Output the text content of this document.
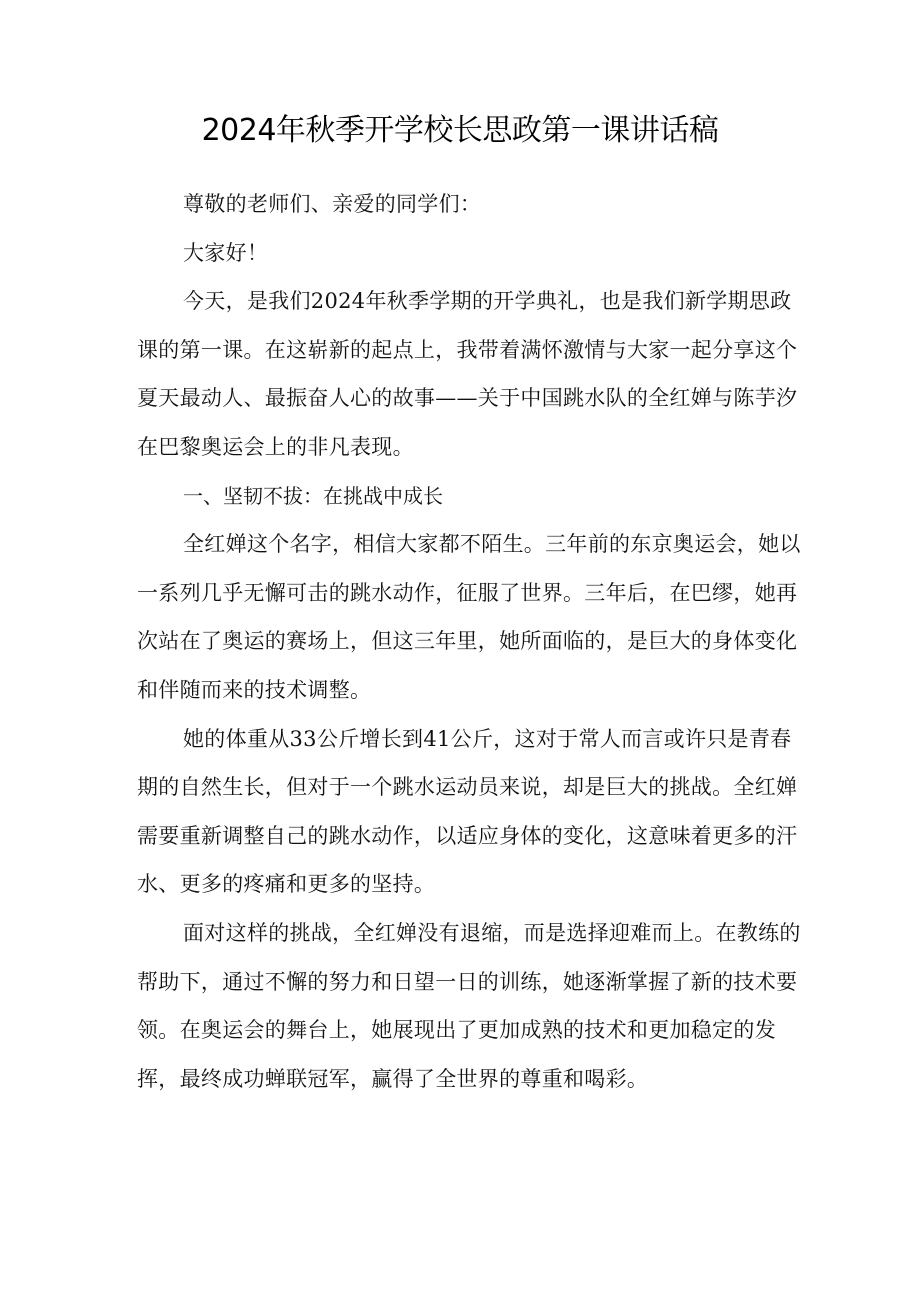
2024年秋季开学校长思政第一课讲话稿

尊敬的老师们、亲爱的同学们：

大家好！

今天，是我们2024年秋季学期的开学典礼，也是我们新学期思政课的第一课。在这崭新的起点上，我带着满怀激情与大家一起分享这个夏天最动人、最振奋人心的故事——关于中国跳水队的全红婵与陈芋汐在巴黎奥运会上的非凡表现。

一、坚韧不拔：在挑战中成长

全红婵这个名字，相信大家都不陌生。三年前的东京奥运会，她以一系列几乎无懈可击的跳水动作，征服了世界。三年后，在巴缪，她再次站在了奥运的赛场上，但这三年里，她所面临的，是巨大的身体变化和伴随而来的技术调整。

她的体重从33公斤增长到41公斤，这对于常人而言或许只是青春期的自然生长，但对于一个跳水运动员来说，却是巨大的挑战。全红婵需要重新调整自己的跳水动作，以适应身体的变化，这意味着更多的汗水、更多的疼痛和更多的坚持。

面对这样的挑战，全红婵没有退缩，而是选择迎难而上。在教练的帮助下，通过不懈的努力和日望一日的训练，她逐渐掌握了新的技术要领。在奥运会的舞台上，她展现出了更加成熟的技术和更加稳定的发挥，最终成功蝉联冠军，赢得了全世界的尊重和喝彩。
